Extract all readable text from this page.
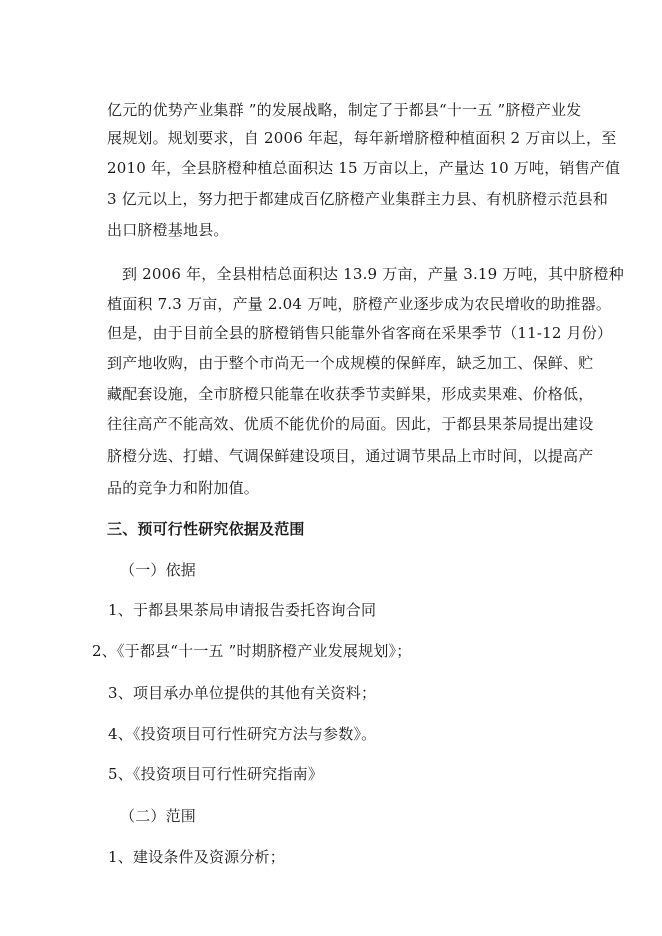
亿元的优势产业集群 ”的发展战略，制定了于都县“十一五 ”脐橙产业发
展规划。规划要求，自 2006 年起，每年新增脐橙种植面积 2 万亩以上，至
2010 年，全县脐橙种植总面积达 15 万亩以上，产量达 10 万吨，销售产值
3 亿元以上，努力把于都建成百亿脐橙产业集群主力县、有机脐橙示范县和
出口脐橙基地县。
到 2006 年，全县柑桔总面积达 13.9 万亩，产量 3.19 万吨，其中脐橙种
植面积 7.3 万亩，产量 2.04 万吨，脐橙产业逐步成为农民增收的助推器。
但是，由于目前全县的脐橙销售只能靠外省客商在采果季节（11-12 月份）
到产地收购，由于整个市尚无一个成规模的保鲜库，缺乏加工、保鲜、贮
藏配套设施，全市脐橙只能靠在收获季节卖鲜果，形成卖果难、价格低，
往往高产不能高效、优质不能优价的局面。因此，于都县果茶局提出建设
脐橙分选、打蜡、气调保鲜建设项目，通过调节果品上市时间，以提高产
品的竞争力和附加值。
三、预可行性研究依据及范围
（一）依据
1、于都县果茶局申请报告委托咨询合同
2、《于都县“十一五 ”时期脐橙产业发展规划》；
3、项目承办单位提供的其他有关资料；
4、《投资项目可行性研究方法与参数》。
5、《投资项目可行性研究指南》
（二）范围
1、建设条件及资源分析；
